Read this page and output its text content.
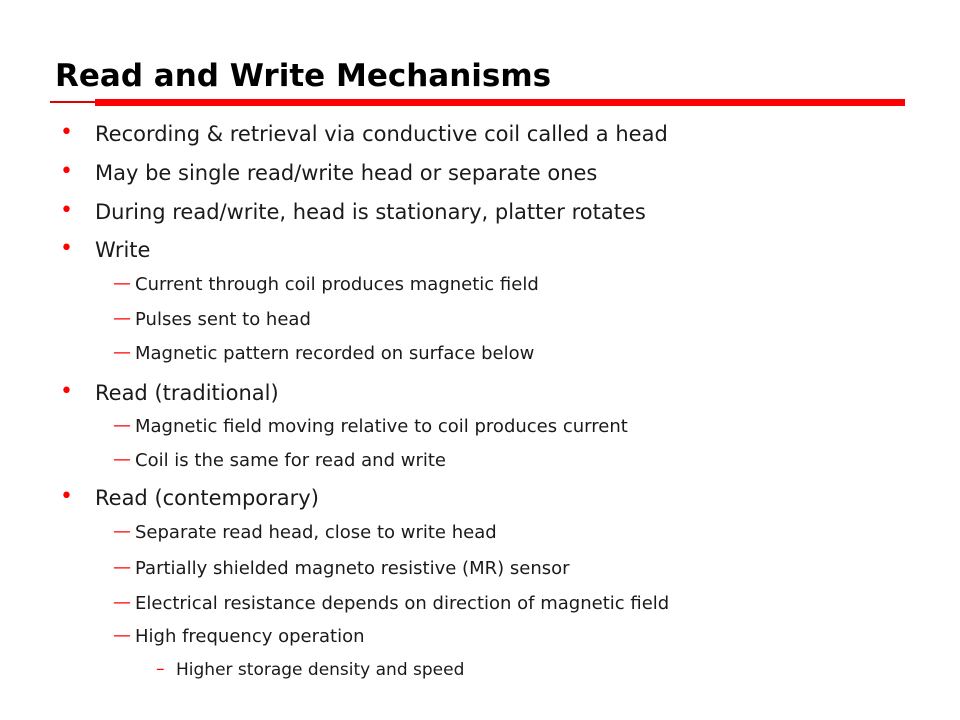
Read and Write Mechanisms
• Recording & retrieval via conductive coil called a head
• May be single read/write head or separate ones
• During read/write, head is stationary, platter rotates
• Write
— Current through coil produces magnetic field
— Pulses sent to head
— Magnetic pattern recorded on surface below
• Read (traditional)
— Magnetic field moving relative to coil produces current
— Coil is the same for read and write
• Read (contemporary)
— Separate read head, close to write head
— Partially shielded magneto resistive (MR) sensor
— Electrical resistance depends on direction of magnetic field
— High frequency operation
– Higher storage density and speed
